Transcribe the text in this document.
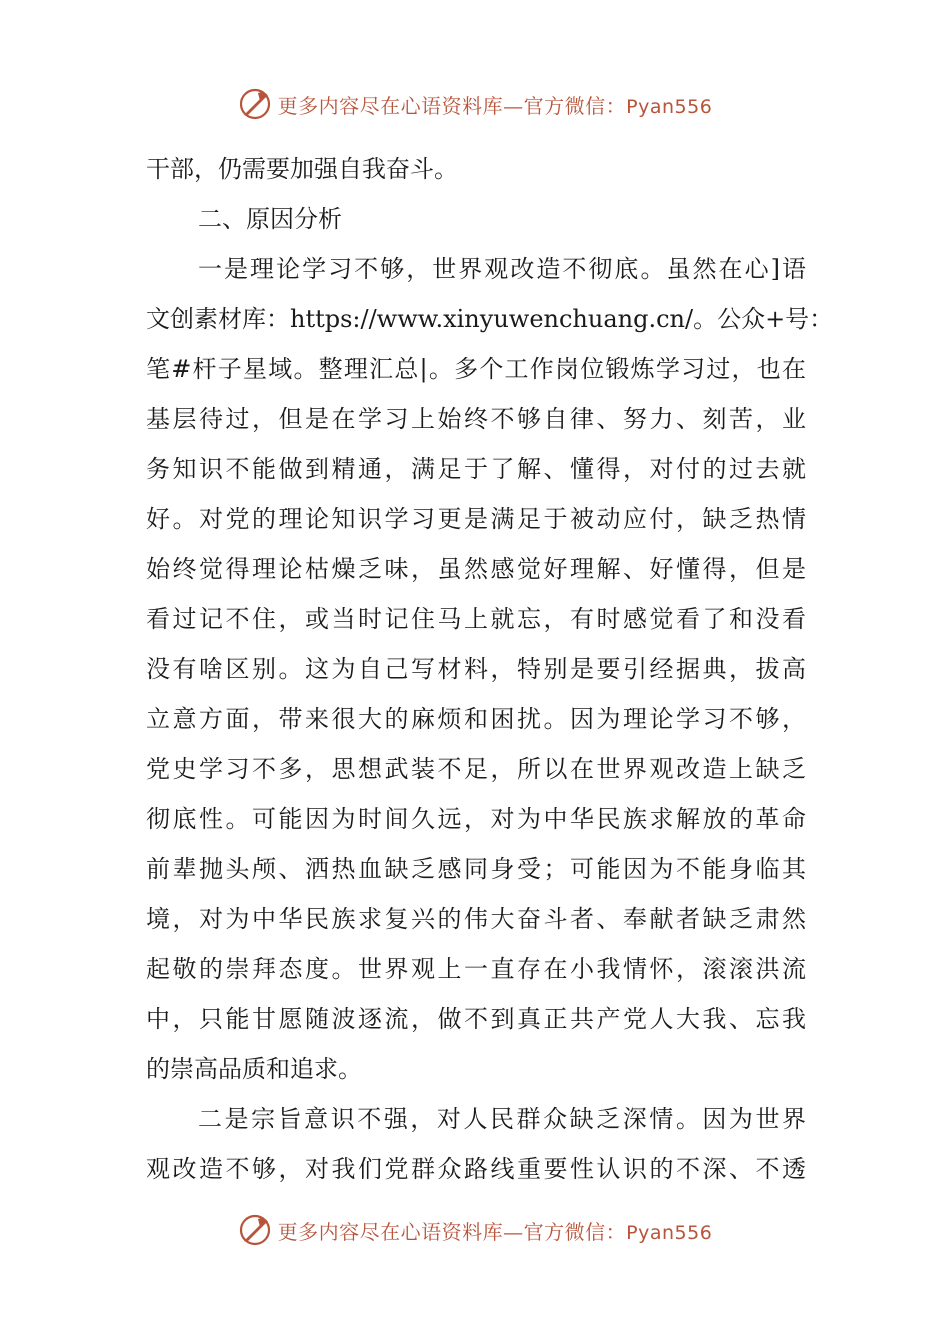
更多内容尽在心语资料库—官方微信：Pyan556
干部，仍需要加强自我奋斗。
二、原因分析
一是理论学习不够，世界观改造不彻底。虽然在心]语
文创素材库：https://www.xinyuwenchuang.cn/。公众+号：
笔#杆子星域。整理汇总|。多个工作岗位锻炼学习过，也在
基层待过，但是在学习上始终不够自律、努力、刻苦，业
务知识不能做到精通，满足于了解、懂得，对付的过去就
好。对党的理论知识学习更是满足于被动应付，缺乏热情
始终觉得理论枯燥乏味，虽然感觉好理解、好懂得，但是
看过记不住，或当时记住马上就忘，有时感觉看了和没看
没有啥区别。这为自己写材料，特别是要引经据典，拔高
立意方面，带来很大的麻烦和困扰。因为理论学习不够，
党史学习不多，思想武装不足，所以在世界观改造上缺乏
彻底性。可能因为时间久远，对为中华民族求解放的革命
前辈抛头颅、洒热血缺乏感同身受；可能因为不能身临其
境，对为中华民族求复兴的伟大奋斗者、奉献者缺乏肃然
起敬的崇拜态度。世界观上一直存在小我情怀，滚滚洪流
中，只能甘愿随波逐流，做不到真正共产党人大我、忘我
的崇高品质和追求。
二是宗旨意识不强，对人民群众缺乏深情。因为世界
观改造不够，对我们党群众路线重要性认识的不深、不透
更多内容尽在心语资料库—官方微信：Pyan556
